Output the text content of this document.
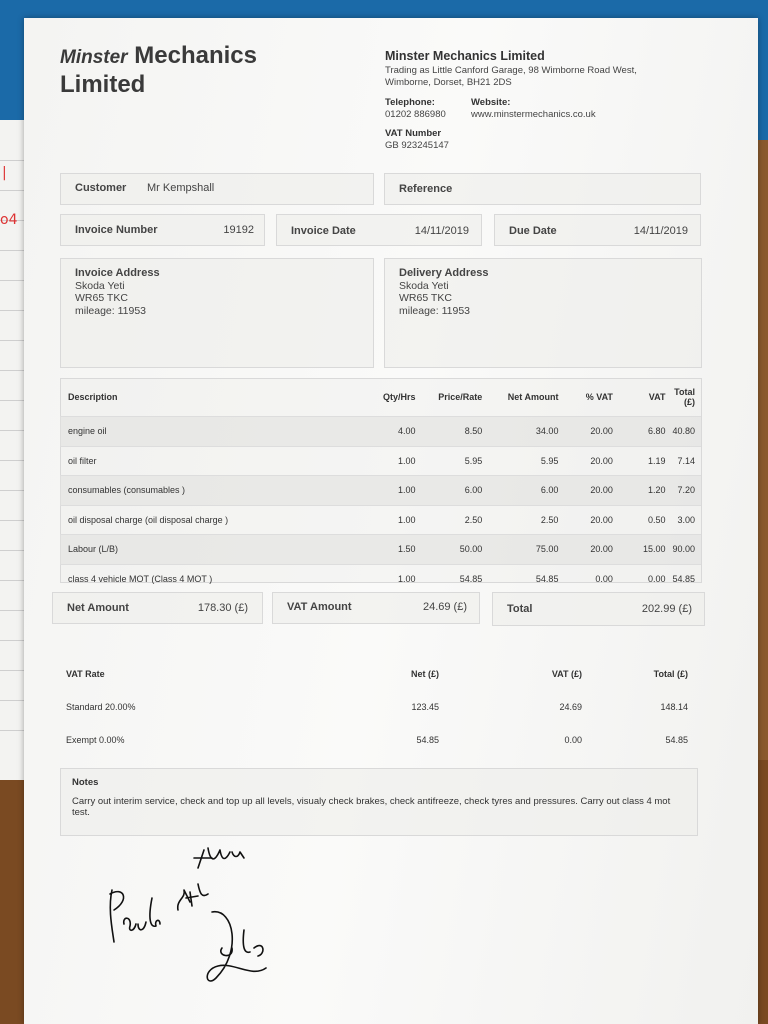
|
o4
Minster Mechanics
Limited
Minster Mechanics Limited
Trading as Little Canford Garage, 98 Wimborne Road West,
Wimborne, Dorset, BH21 2DS
Telephone:
01202 886980
Website:
www.minstermechanics.co.uk
VAT Number
GB 923245147
Customer Mr Kempshall	Reference
Invoice Number	19192	Invoice Date	14/11/2019	Due Date	14/11/2019
Invoice Address
Skoda Yeti
WR65 TKC
mileage: 11953
Delivery Address
Skoda Yeti
WR65 TKC
mileage: 11953
Description	Qty/Hrs	Price/Rate	Net Amount	% VAT	VAT	Total (£)
engine oil	4.00	8.50	34.00	20.00	6.80	40.80
oil filter	1.00	5.95	5.95	20.00	1.19	7.14
consumables (consumables )	1.00	6.00	6.00	20.00	1.20	7.20
oil disposal charge (oil disposal charge )	1.00	2.50	2.50	20.00	0.50	3.00
Labour (L/B)	1.50	50.00	75.00	20.00	15.00	90.00
class 4 vehicle MOT (Class 4 MOT )	1.00	54.85	54.85	0.00	0.00	54.85
Net Amount	178.30 (£)	VAT Amount	24.69 (£)	Total	202.99 (£)
VAT Rate	Net (£)	VAT (£)	Total (£)
Standard 20.00%	123.45	24.69	148.14
Exempt 0.00%	54.85	0.00	54.85
Notes
Carry out interim service, check and top up all levels, visualy check brakes, check antifreeze, check tyres and pressures. Carry out class 4 mot test.
